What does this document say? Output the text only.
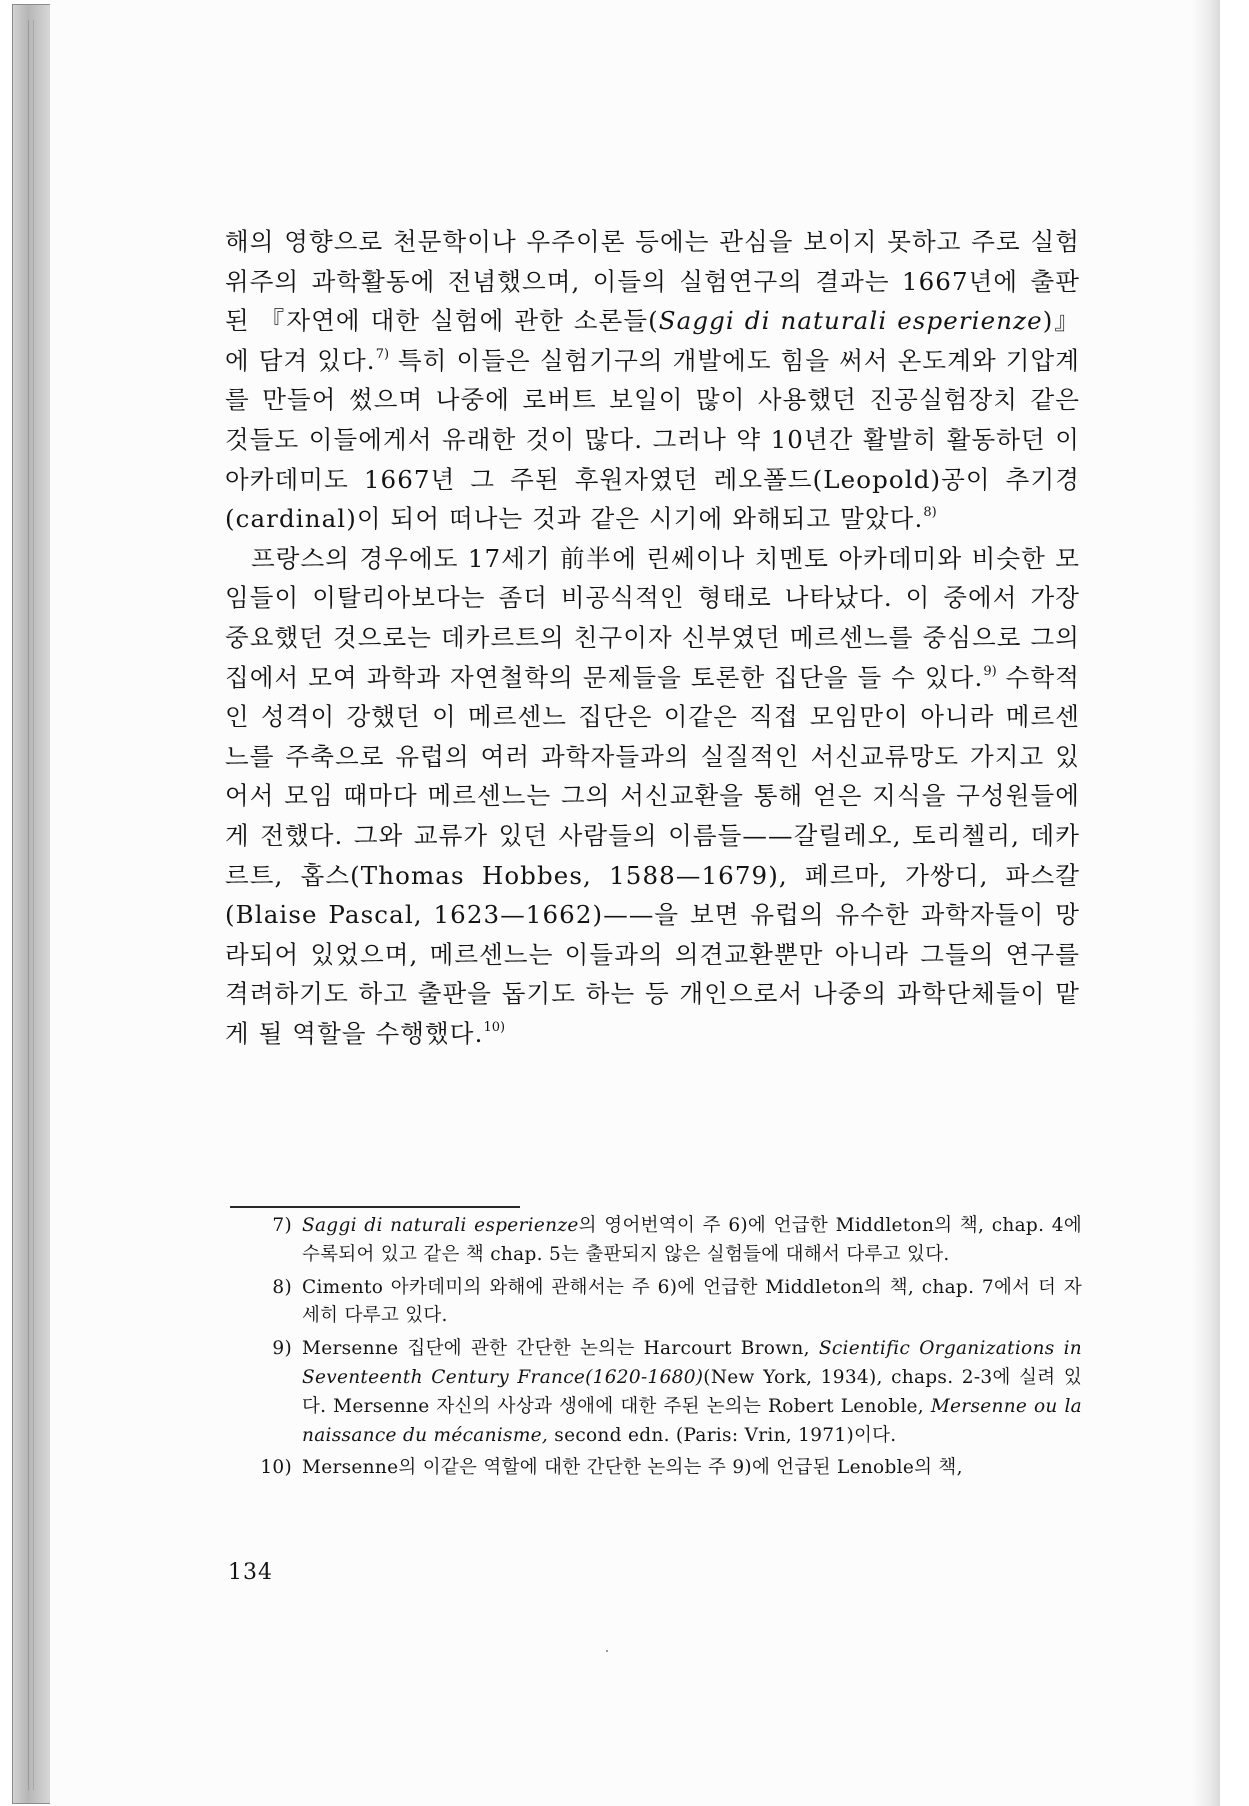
해의 영향으로 천문학이나 우주이론 등에는 관심을 보이지 못하고 주로 실험 위주의 과학활동에 전념했으며, 이들의 실험연구의 결과는 1667년에 출판된 『자연에 대한 실험에 관한 소론들(Saggi di naturali esperienze)』에 담겨 있다.$^{7)}$ 특히 이들은 실험기구의 개발에도 힘을 써서 온도계와 기압계를 만들어 썼으며 나중에 로버트 보일이 많이 사용했던 진공실험장치 같은 것들도 이들에게서 유래한 것이 많다. 그러나 약 10년간 활발히 활동하던 이 아카데미도 1667년 그 주된 후원자였던 레오폴드(Leopold)공이 추기경(cardinal)이 되어 떠나는 것과 같은 시기에 와해되고 말았다.$^{8)}$

프랑스의 경우에도 17세기 前半에 린쎄이나 치멘토 아카데미와 비슷한 모임들이 이탈리아보다는 좀더 비공식적인 형태로 나타났다. 이 중에서 가장 중요했던 것으로는 데카르트의 친구이자 신부였던 메르센느를 중심으로 그의 집에서 모여 과학과 자연철학의 문제들을 토론한 집단을 들 수 있다.$^{9)}$ 수학적인 성격이 강했던 이 메르센느 집단은 이같은 직접 모임만이 아니라 메르센느를 주축으로 유럽의 여러 과학자들과의 실질적인 서신교류망도 가지고 있어서 모임 때마다 메르센느는 그의 서신교환을 통해 얻은 지식을 구성원들에게 전했다. 그와 교류가 있던 사람들의 이름들——갈릴레오, 토리첼리, 데카르트, 홉스(Thomas Hobbes, 1588—1679), 페르마, 가쌍디, 파스칼(Blaise Pascal, 1623—1662)——을 보면 유럽의 유수한 과학자들이 망라되어 있었으며, 메르센느는 이들과의 의견교환뿐만 아니라 그들의 연구를 격려하기도 하고 출판을 돕기도 하는 등 개인으로서 나중의 과학단체들이 맡게 될 역할을 수행했다.$^{10)}$

7) Saggi di naturali esperienze의 영어번역이 주 6)에 언급한 Middleton의 책, chap. 4에 수록되어 있고 같은 책 chap. 5는 출판되지 않은 실험들에 대해서 다루고 있다.
8) Cimento 아카데미의 와해에 관해서는 주 6)에 언급한 Middleton의 책, chap. 7에서 더 자세히 다루고 있다.
9) Mersenne 집단에 관한 간단한 논의는 Harcourt Brown, Scientific Organizations in Seventeenth Century France(1620-1680)(New York, 1934), chaps. 2-3에 실려 있다. Mersenne 자신의 사상과 생애에 대한 주된 논의는 Robert Lenoble, Mersenne ou la naissance du mécanisme, second edn. (Paris: Vrin, 1971)이다.
10) Mersenne의 이같은 역할에 대한 간단한 논의는 주 9)에 언급된 Lenoble의 책,
134
